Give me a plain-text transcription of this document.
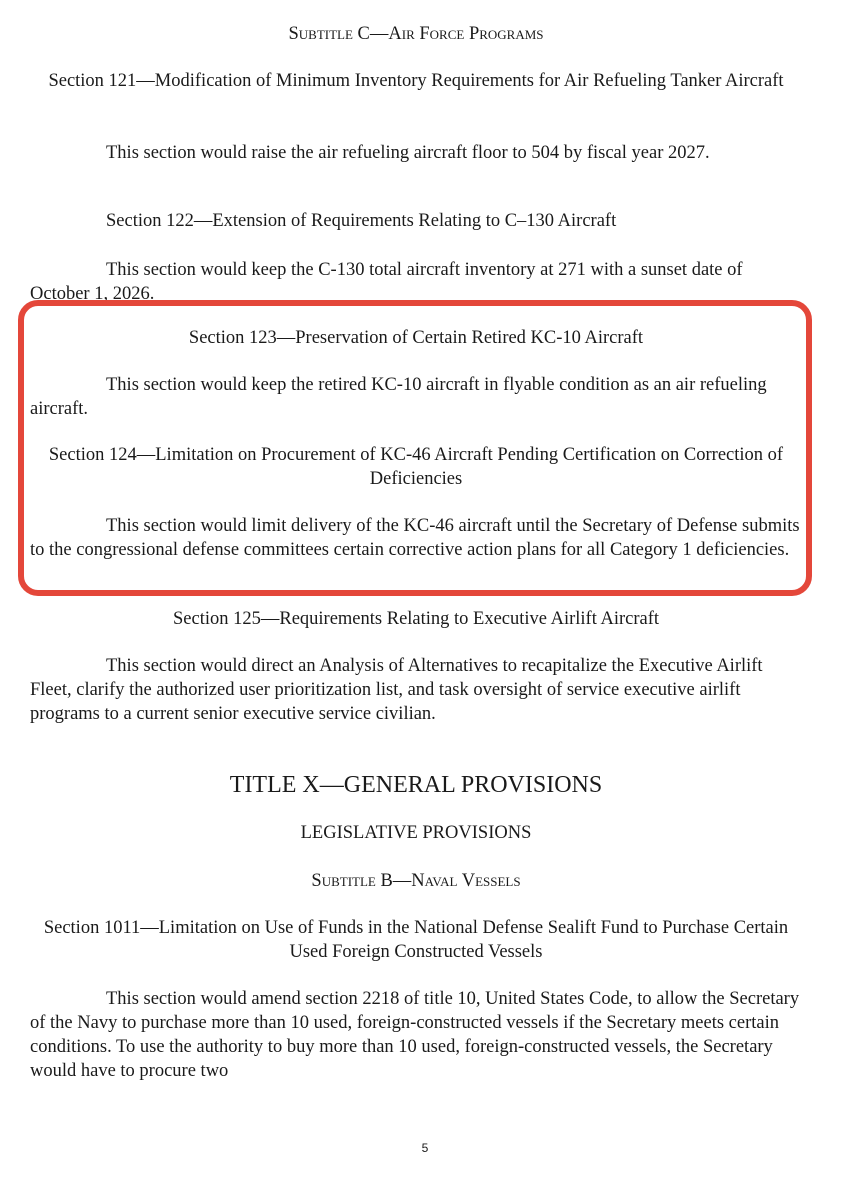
Subtitle C—Air Force Programs

Section 121—Modification of Minimum Inventory Requirements for Air Refueling Tanker Aircraft

This section would raise the air refueling aircraft floor to 504 by fiscal year 2027.

Section 122—Extension of Requirements Relating to C–130 Aircraft

This section would keep the C-130 total aircraft inventory at 271 with a sunset date of October 1, 2026.

Section 123—Preservation of Certain Retired KC-10 Aircraft

This section would keep the retired KC-10 aircraft in flyable condition as an air refueling aircraft.

Section 124—Limitation on Procurement of KC-46 Aircraft Pending Certification on Correction of Deficiencies

This section would limit delivery of the KC-46 aircraft until the Secretary of Defense submits to the congressional defense committees certain corrective action plans for all Category 1 deficiencies.

Section 125—Requirements Relating to Executive Airlift Aircraft

This section would direct an Analysis of Alternatives to recapitalize the Executive Airlift Fleet, clarify the authorized user prioritization list, and task oversight of service executive airlift programs to a current senior executive service civilian.

TITLE X—GENERAL PROVISIONS

LEGISLATIVE PROVISIONS

Subtitle B—Naval Vessels

Section 1011—Limitation on Use of Funds in the National Defense Sealift Fund to Purchase Certain Used Foreign Constructed Vessels

This section would amend section 2218 of title 10, United States Code, to allow the Secretary of the Navy to purchase more than 10 used, foreign-constructed vessels if the Secretary meets certain conditions. To use the authority to buy more than 10 used, foreign-constructed vessels, the Secretary would have to procure two

5
